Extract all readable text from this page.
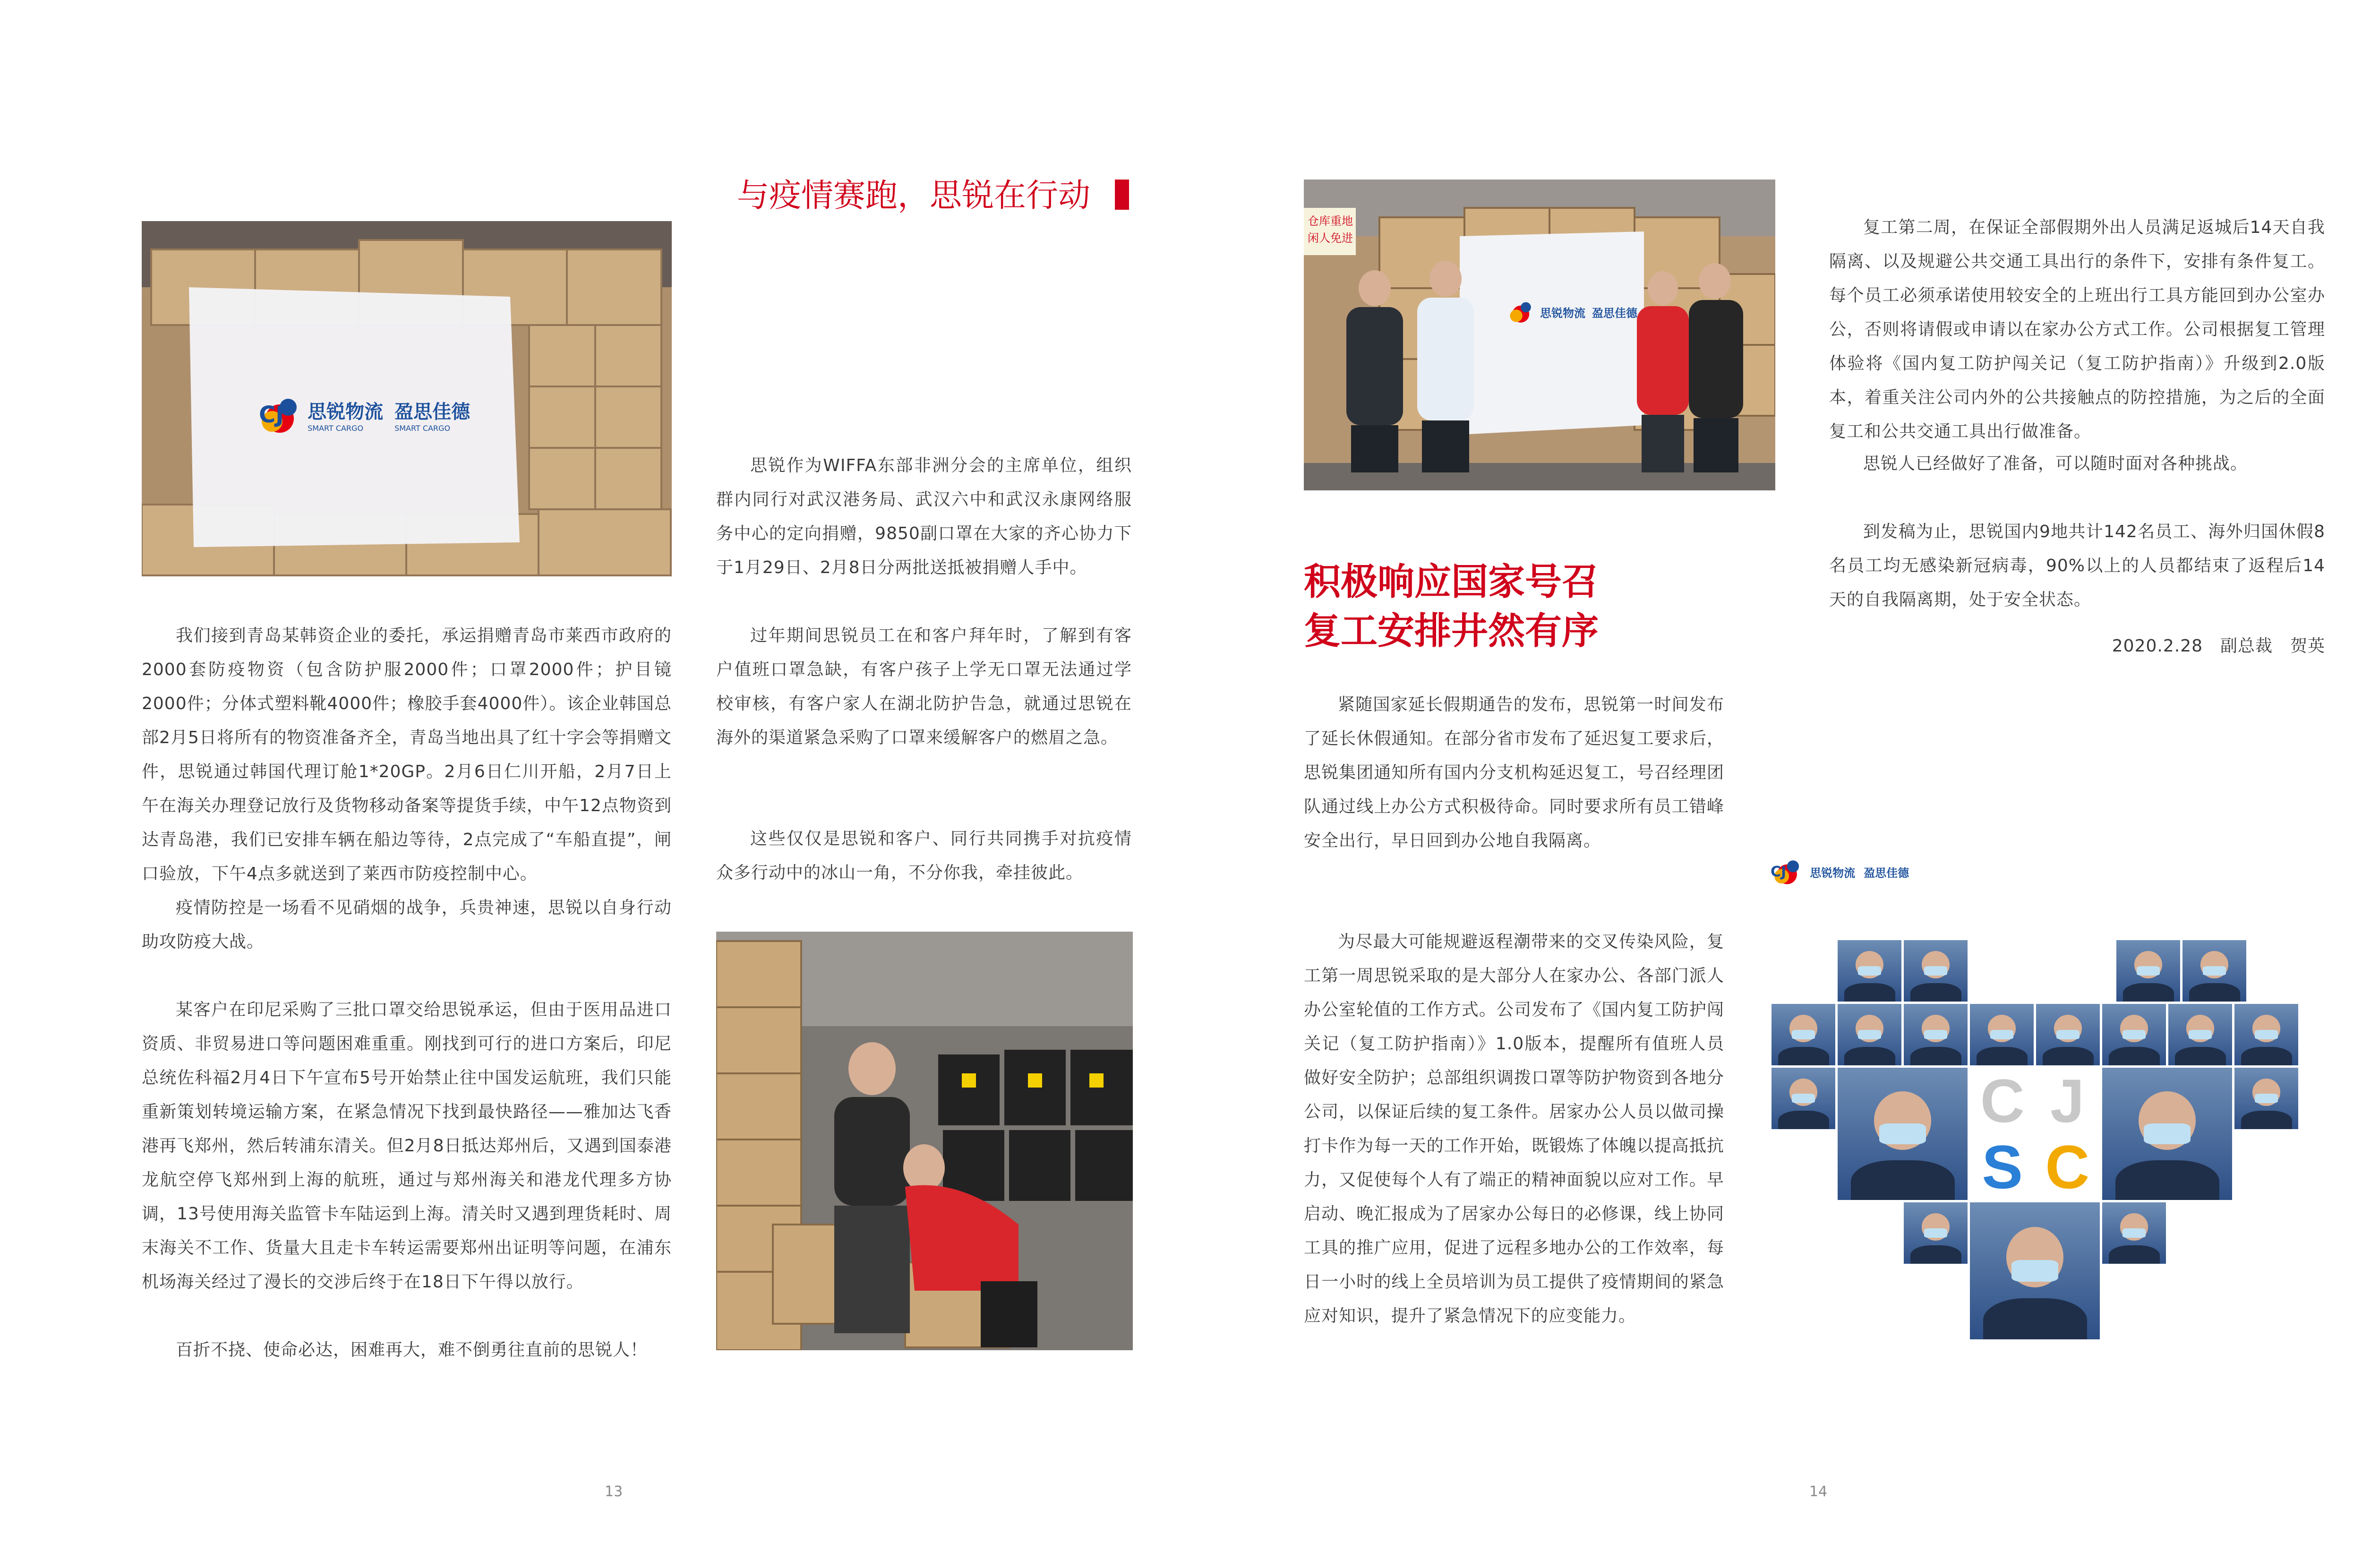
与疫情赛跑，思锐在行动
CJ 思锐物流
SMART CARGO
盈思佳德
SMART CARGO
我们接到青岛某韩资企业的委托，承运捐赠青岛市莱西市政府的2000套防疫物资（包含防护服2000件；口罩2000件；护目镜2000件；分体式塑料靴4000件；橡胶手套4000件）。该企业韩国总部2月5日将所有的物资准备齐全，青岛当地出具了红十字会等捐赠文件，思锐通过韩国代理订舱1*20GP。2月6日仁川开船，2月7日上午在海关办理登记放行及货物移动备案等提货手续，中午12点物资到达青岛港，我们已安排车辆在船边等待，2点完成了“车船直提”，闸口验放，下午4点多就送到了莱西市防疫控制中心。
疫情防控是一场看不见硝烟的战争，兵贵神速，思锐以自身行动助攻防疫大战。
某客户在印尼采购了三批口罩交给思锐承运，但由于医用品进口资质、非贸易进口等问题困难重重。刚找到可行的进口方案后，印尼总统佐科福2月4日下午宣布5号开始禁止往中国发运航班，我们只能重新策划转境运输方案，在紧急情况下找到最快路径——雅加达飞香港再飞郑州，然后转浦东清关。但2月8日抵达郑州后，又遇到国泰港龙航空停飞郑州到上海的航班，通过与郑州海关和港龙代理多方协调，13号使用海关监管卡车陆运到上海。清关时又遇到理货耗时、周末海关不工作、货量大且走卡车转运需要郑州出证明等问题，在浦东机场海关经过了漫长的交涉后终于在18日下午得以放行。
百折不挠、使命必达，困难再大，难不倒勇往直前的思锐人！
思锐作为WIFFA东部非洲分会的主席单位，组织群内同行对武汉港务局、武汉六中和武汉永康网络服务中心的定向捐赠，9850副口罩在大家的齐心协力下于1月29日、2月8日分两批送抵被捐赠人手中。
过年期间思锐员工在和客户拜年时，了解到有客户值班口罩急缺，有客户孩子上学无口罩无法通过学校审核，有客户家人在湖北防护告急，就通过思锐在海外的渠道紧急采购了口罩来缓解客户的燃眉之急。
这些仅仅是思锐和客户、同行共同携手对抗疫情众多行动中的冰山一角，不分你我，牵挂彼此。
13
仓库重地 闲人免进
思锐物流 盈思佳德
积极响应国家号召
复工安排井然有序
紧随国家延长假期通告的发布，思锐第一时间发布了延长休假通知。在部分省市发布了延迟复工要求后，思锐集团通知所有国内分支机构延迟复工，号召经理团队通过线上办公方式积极待命。同时要求所有员工错峰安全出行，早日回到办公地自我隔离。
为尽最大可能规避返程潮带来的交叉传染风险，复工第一周思锐采取的是大部分人在家办公、各部门派人办公室轮值的工作方式。公司发布了《国内复工防护闯关记（复工防护指南）》1.0版本，提醒所有值班人员做好安全防护；总部组织调拨口罩等防护物资到各地分公司，以保证后续的复工条件。居家办公人员以做司操打卡作为每一天的工作开始，既锻炼了体魄以提高抵抗力，又促使每个人有了端正的精神面貌以应对工作。早启动、晚汇报成为了居家办公每日的必修课，线上协同工具的推广应用，促进了远程多地办公的工作效率，每日一小时的线上全员培训为员工提供了疫情期间的紧急应对知识，提升了紧急情况下的应变能力。
复工第二周，在保证全部假期外出人员满足返城后14天自我隔离、以及规避公共交通工具出行的条件下，安排有条件复工。每个员工必须承诺使用较安全的上班出行工具方能回到办公室办公，否则将请假或申请以在家办公方式工作。公司根据复工管理体验将《国内复工防护闯关记（复工防护指南）》升级到2.0版本，着重关注公司内外的公共接触点的防控措施，为之后的全面复工和公共交通工具出行做准备。
思锐人已经做好了准备，可以随时面对各种挑战。
到发稿为止，思锐国内9地共计142名员工、海外归国休假8名员工均无感染新冠病毒，90%以上的人员都结束了返程后14天的自我隔离期，处于安全状态。
2020.2.28　副总裁　贺英
CJ 思锐物流 盈思佳德
C J
S C
14
